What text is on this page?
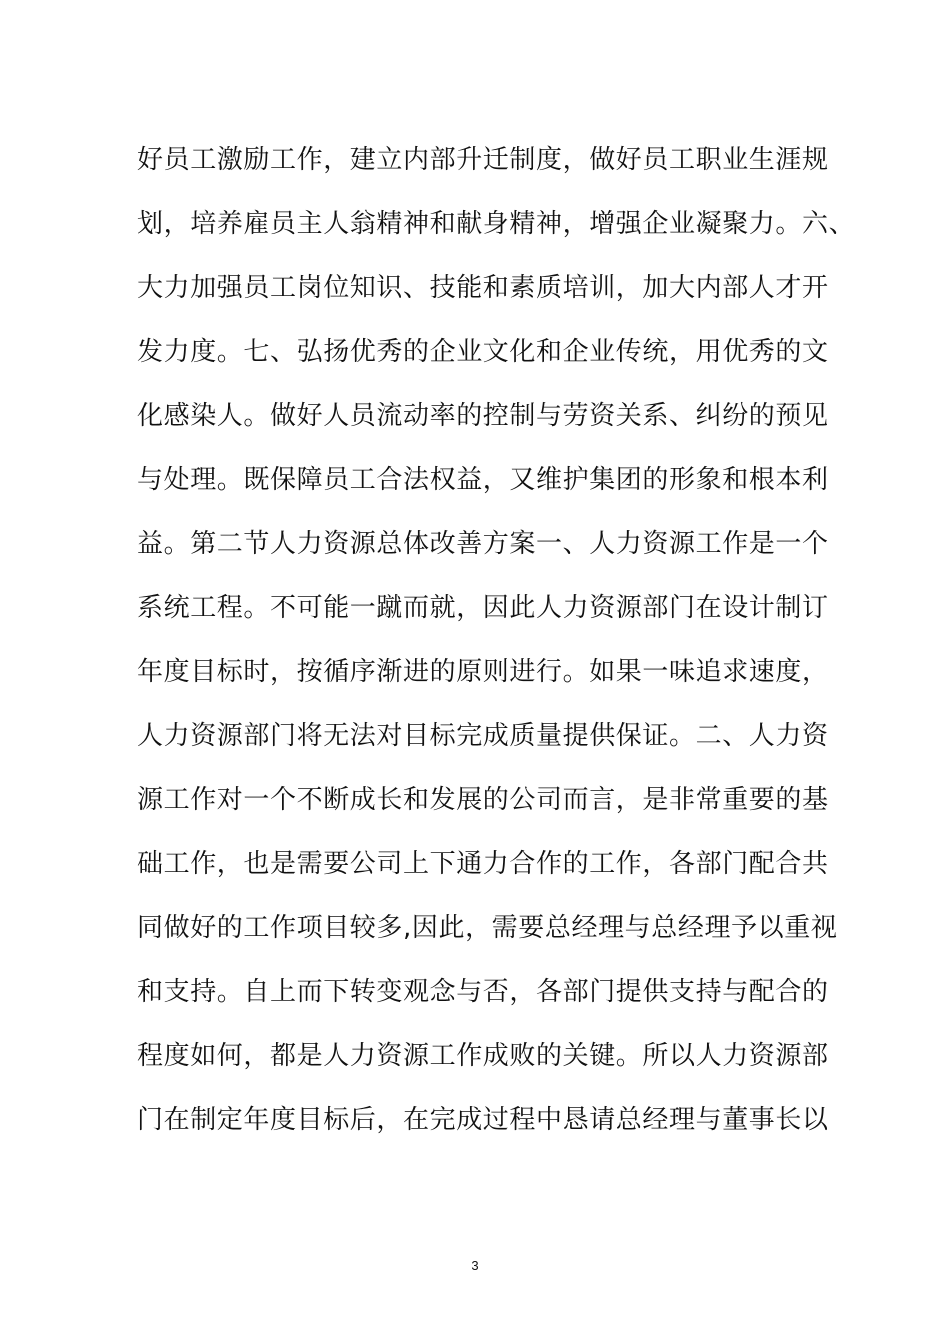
好员工激励工作，建立内部升迁制度，做好员工职业生涯规
划，培养雇员主人翁精神和献身精神，增强企业凝聚力。六、
大力加强员工岗位知识、技能和素质培训，加大内部人才开
发力度。七、弘扬优秀的企业文化和企业传统，用优秀的文
化感染人。做好人员流动率的控制与劳资关系、纠纷的预见
与处理。既保障员工合法权益，又维护集团的形象和根本利
益。第二节人力资源总体改善方案一、人力资源工作是一个
系统工程。不可能一蹴而就，因此人力资源部门在设计制订
年度目标时，按循序渐进的原则进行。如果一味追求速度，
人力资源部门将无法对目标完成质量提供保证。二、人力资
源工作对一个不断成长和发展的公司而言，是非常重要的基
础工作，也是需要公司上下通力合作的工作，各部门配合共
同做好的工作项目较多,因此，需要总经理与总经理予以重视
和支持。自上而下转变观念与否，各部门提供支持与配合的
程度如何，都是人力资源工作成败的关键。所以人力资源部
门在制定年度目标后，在完成过程中恳请总经理与董事长以
3
